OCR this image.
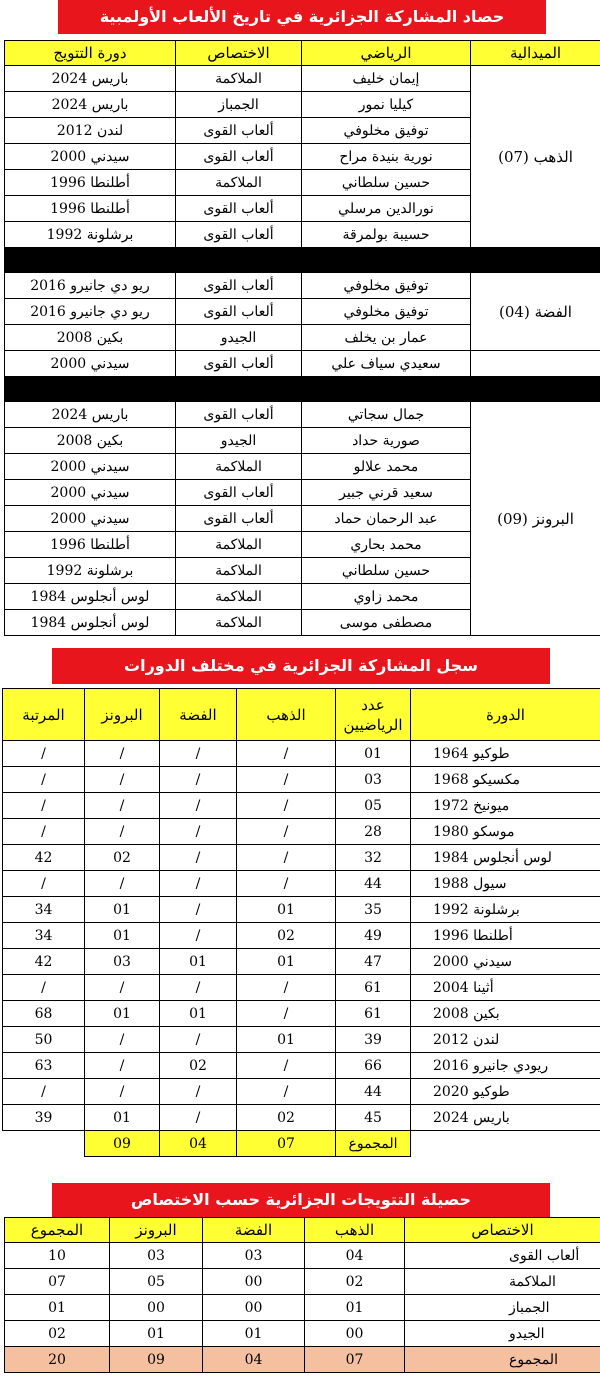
حصاد المشاركة الجزائرية في تاريخ الألعاب الأولمبية
الميدالية	الرياضي	الاختصاص	دورة التتويج
الذهب (07)	إيمان خليف	الملاكمة	باريس 2024
	كيليا نمور	الجمباز	باريس 2024
	توفيق مخلوفي	ألعاب القوى	لندن 2012
	نورية بنيدة مراح	ألعاب القوى	سيدني 2000
	حسين سلطاني	الملاكمة	أطلنطا 1996
	نورالدين مرسلي	ألعاب القوى	أطلنطا 1996
	حسيبة بولمرقة	ألعاب القوى	برشلونة 1992

الفضة (04)	توفيق مخلوفي	ألعاب القوى	ريو دي جانيرو 2016
	توفيق مخلوفي	ألعاب القوى	ريو دي جانيرو 2016
	عمار بن يخلف	الجيدو	بكين 2008
	سعيدي سياف علي	ألعاب القوى	سيدني 2000

البرونز (09)	جمال سجاتي	ألعاب القوى	باريس 2024
	صورية حداد	الجيدو	بكين 2008
	محمد علالو	الملاكمة	سيدني 2000
	سعيد قرني جبير	ألعاب القوى	سيدني 2000
	عبد الرحمان حماد	ألعاب القوى	سيدني 2000
	محمد بحاري	الملاكمة	أطلنطا 1996
	حسين سلطاني	الملاكمة	برشلونة 1992
	محمد زاوي	الملاكمة	لوس أنجلوس 1984
	مصطفى موسى	الملاكمة	لوس أنجلوس 1984
سجل المشاركة الجزائرية في مختلف الدورات
الدورة	عدد الرياضيين	الذهب	الفضة	البرونز	المرتبة
طوكيو 1964	01	/	/	/	/
مكسيكو 1968	03	/	/	/	/
ميونيخ 1972	05	/	/	/	/
موسكو 1980	28	/	/	/	/
لوس أنجلوس 1984	32	/	/	02	42
سيول 1988	44	/	/	/	/
برشلونة 1992	35	01	/	01	34
أطلنطا 1996	49	02	/	01	34
سيدني 2000	47	01	01	03	42
أثينا 2004	61	/	/	/	/
بكين 2008	61	/	01	01	68
لندن 2012	39	01	/	/	50
ريودي جانيرو 2016	66	/	02	/	63
طوكيو 2020	44	/	/	/	/
باريس 2024	45	02	/	01	39
	المجموع	07	04	09	
حصيلة التتويجات الجزائرية حسب الاختصاص
الاختصاص	الذهب	الفضة	البرونز	المجموع
ألعاب القوى	04	03	03	10
الملاكمة	02	00	05	07
الجمباز	01	00	00	01
الجيدو	00	01	01	02
المجموع	07	04	09	20
